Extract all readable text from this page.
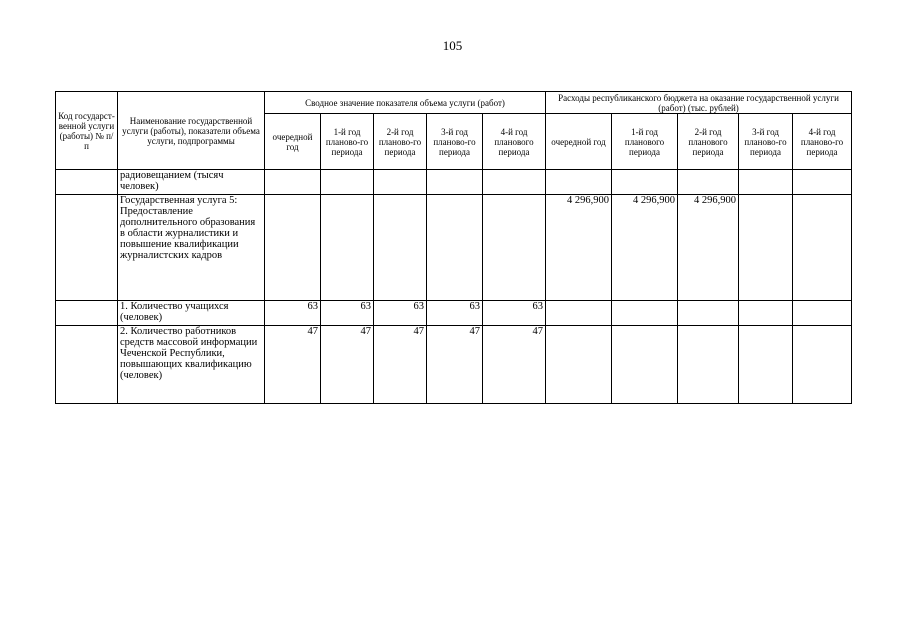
105
Код государст-венной услуги (работы) № п/п	Наименование государственной услуги (работы), показатели объема услуги, подпрограммы	Сводное значение показателя объема услуги (работ)					Расходы республиканского бюджета на оказание государственной услуги (работ) (тыс. рублей)				
		очередной год	1-й год планово-го периода	2-й год планово-го периода	3-й год планово-го периода	4-й год планового периода	очередной год	1-й год планового периода	2-й год планового периода	3-й год планово-го периода	4-й год планово-го периода
	радиовещанием (тысяч человек)										
	Государственная услуга 5: Предоставление дополнительного образования в области журналистики и повышение квалификации журналистских кадров						4 296,900	4 296,900	4 296,900		
	1. Количество учащихся (человек)	63	63	63	63	63					
	2. Количество работников средств массовой информации Чеченской Республики, повышающих квалификацию (человек)	47	47	47	47	47					
